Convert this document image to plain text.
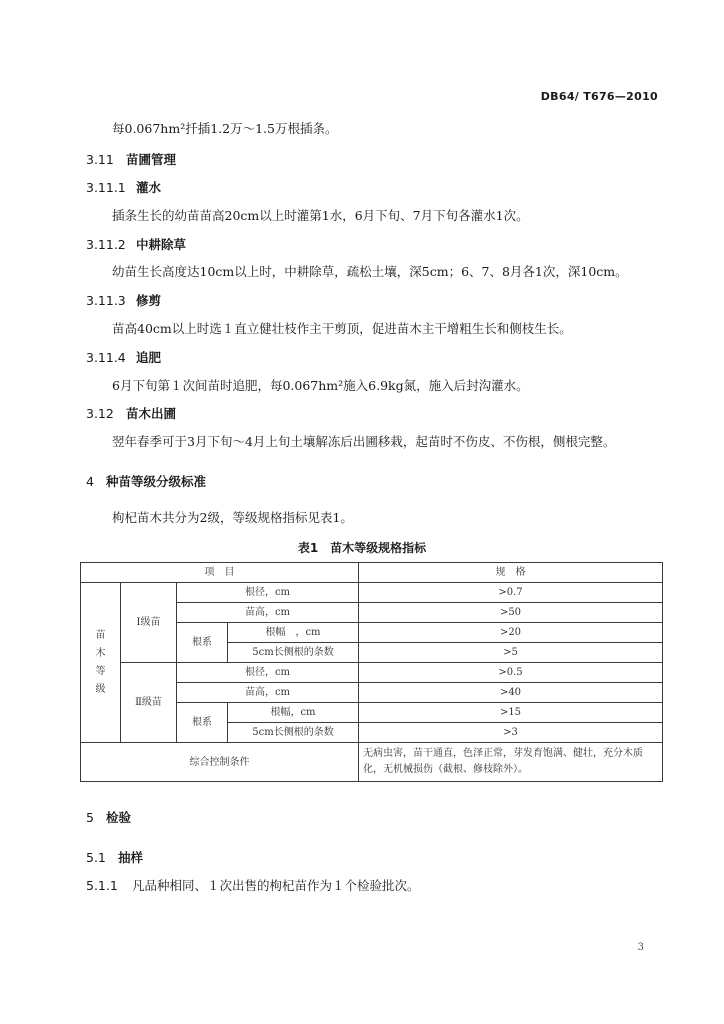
DB64/ T676—2010
每0.067hm²扦插1.2万～1.5万根插条。
3.11 苗圃管理
3.11.1 灌水
插条生长的幼苗苗高20cm以上时灌第1水，6月下旬、7月下旬各灌水1次。
3.11.2 中耕除草
幼苗生长高度达10cm以上时，中耕除草，疏松土壤，深5cm；6、7、8月各1次，深10cm。
3.11.3 修剪
苗高40cm以上时选１直立健壮枝作主干剪顶，促进苗木主干增粗生长和侧枝生长。
3.11.4 追肥
6月下旬第１次间苗时追肥，每0.067hm²施入6.9kg氮，施入后封沟灌水。
3.12 苗木出圃
翌年春季可于3月下旬～4月上旬土壤解冻后出圃移栽，起苗时不伤皮、不伤根，侧根完整。
4 种苗等级分级标准
枸杞苗木共分为2级，等级规格指标见表1。
表1　苗木等级规格指标
项　目				规　格
苗木等级	Ⅰ级苗	根径，cm		>0.7
		苗高，cm		>50
		根系	根幅　，cm	>20
			5cm长侧根的条数	>5
	Ⅱ级苗	根径，cm		>0.5
		苗高，cm		>40
		根系	根幅，cm	>15
			5cm长侧根的条数	>3
综合控制条件				无病虫害，苗干通直，色泽正常，芽发育饱满、健壮，充分木质化，无机械损伤（截根、修枝除外）。
5 检验
5.1 抽样
5.1.1 凡品种相同、１次出售的枸杞苗作为１个检验批次。
3
